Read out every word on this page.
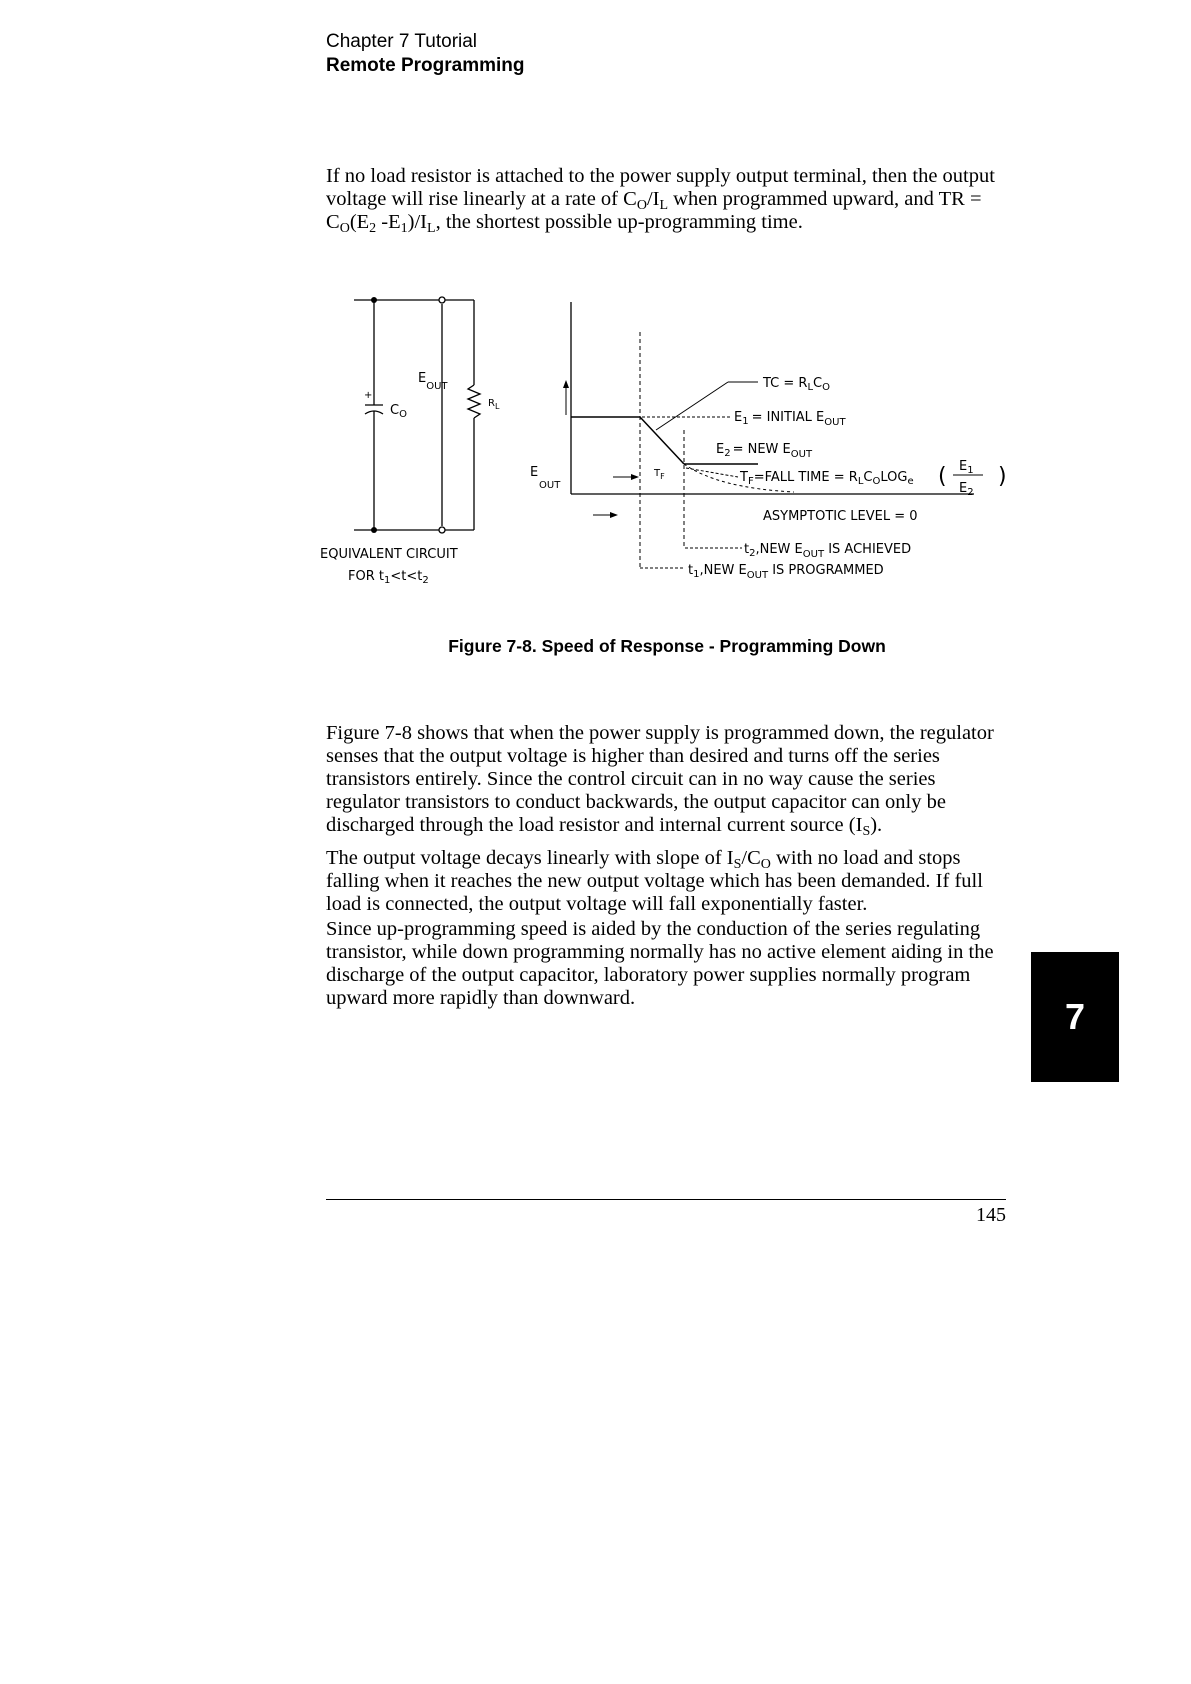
Chapter 7 Tutorial
Remote Programming

If no load resistor is attached to the power supply output terminal, then the output voltage will rise linearly at a rate of $C_O/I_L$ when programmed upward, and TR = $C_O(E_2$ $-E_1)/I_L$, the shortest possible up-programming time.

+
$C_O$
$E_{OUT}$
$R_L$
EQUIVALENT CIRCUIT
FOR $t_1<t<t_2$
EOUT
TC = $R_LC_O$
$E_1$ = INITIAL $E_{OUT}$
$E_2$ = NEW $E_{OUT}$
$T_F$	$T_F=FALL$ TIME = $R_LC_OLOG_e$ ( $E_1$
$E_2$
)
ASYMPTOTIC LEVEL = 0
$t_2,NEW$ $E_{OUT}$ IS ACHIEVED
$t_1,NEW$ $E_{OUT}$ IS PROGRAMMED
Figure 7-8. Speed of Response - Programming Down

Figure 7-8 shows that when the power supply is programmed down, the regulator senses that the output voltage is higher than desired and turns off the series transistors entirely. Since the control circuit can in no way cause the series regulator transistors to conduct backwards, the output capacitor can only be discharged through the load resistor and internal current source $(I_S)$.

The output voltage decays linearly with slope of $I_S/C_O$ with no load and stops falling when it reaches the new output voltage which has been demanded. If full load is connected, the output voltage will fall exponentially faster.

Since up-programming speed is aided by the conduction of the series regulating transistor, while down programming normally has no active element aiding in the discharge of the output capacitor, laboratory power supplies normally program upward more rapidly than downward.	7
145
